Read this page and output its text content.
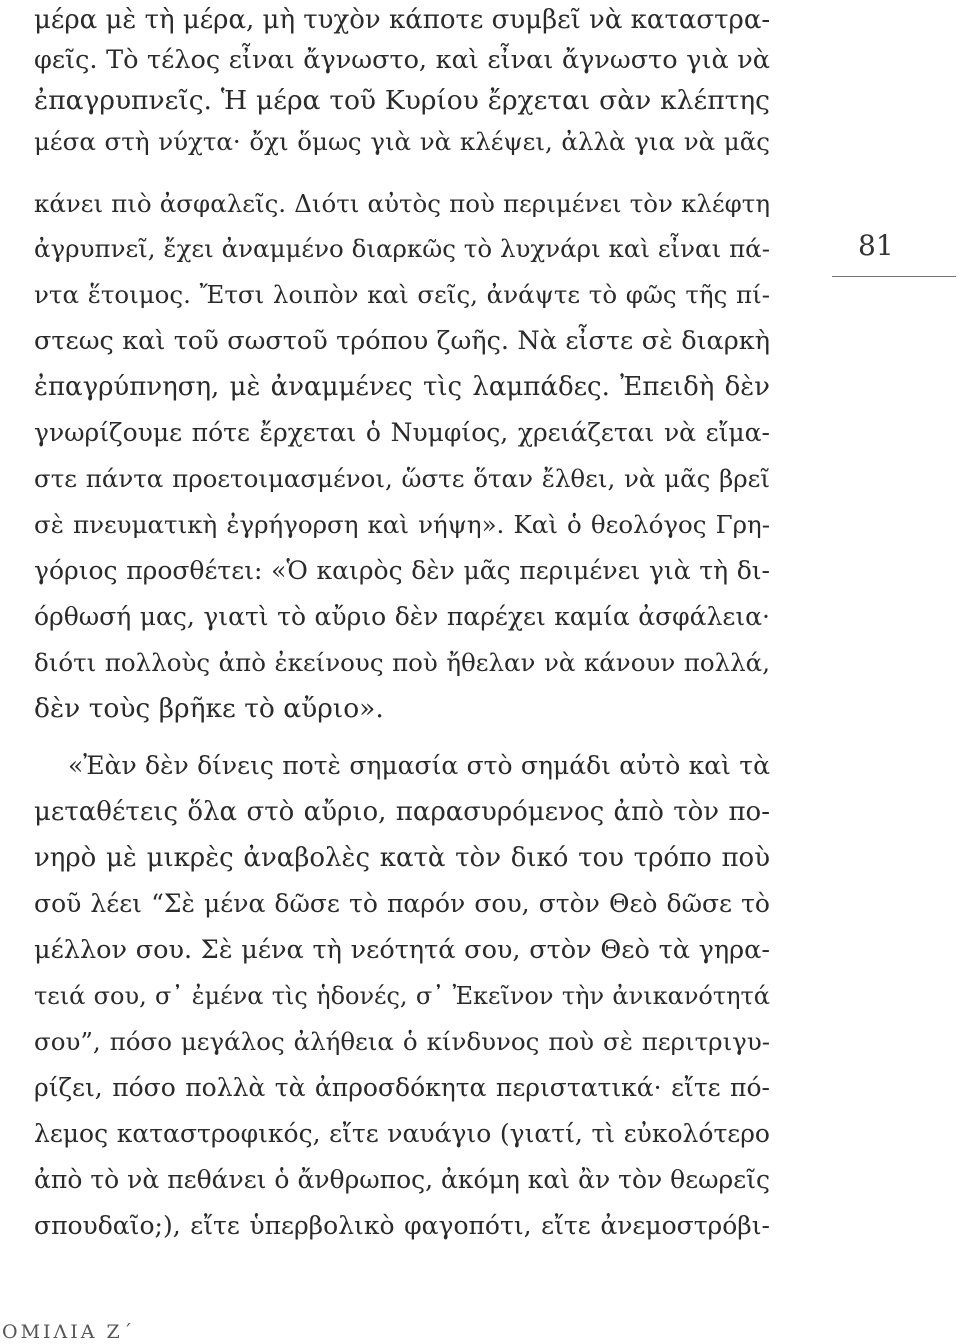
μέρα μὲ τὴ μέρα, μὴ τυχὸν κάποτε συμβεῖ νὰ καταστρα-
φεῖς. Τὸ τέλος εἶναι ἄγνωστο, καὶ εἶναι ἄγνωστο γιὰ νὰ
ἐπαγρυπνεῖς. Ἡ μέρα τοῦ Κυρίου ἔρχεται σὰν κλέπτης
μέσα στὴ νύχτα· ὄχι ὅμως γιὰ νὰ κλέψει, ἀλλὰ για νὰ μᾶς
κάνει πιὸ ἀσφαλεῖς. Διότι αὐτὸς ποὺ περιμένει τὸν κλέφτη
ἀγρυπνεῖ, ἔχει ἀναμμένο διαρκῶς τὸ λυχνάρι καὶ εἶναι πά-
ντα ἕτοιμος. Ἔτσι λοιπὸν καὶ σεῖς, ἀνάψτε τὸ φῶς τῆς πί-
στεως καὶ τοῦ σωστοῦ τρόπου ζωῆς. Νὰ εἶστε σὲ διαρκὴ
ἐπαγρύπνηση, μὲ ἀναμμένες τὶς λαμπάδες. Ἐπειδὴ δὲν
γνωρίζουμε πότε ἔρχεται ὁ Νυμφίος, χρειάζεται νὰ εἴμα-
στε πάντα προετοιμασμένοι, ὥστε ὅταν ἔλθει, νὰ μᾶς βρεῖ
σὲ πνευματικὴ ἐγρήγορση καὶ νήψη». Καὶ ὁ θεολόγος Γρη-
γόριος προσθέτει: «Ὁ καιρὸς δὲν μᾶς περιμένει γιὰ τὴ δι-
όρθωσή μας, γιατὶ τὸ αὔριο δὲν παρέχει καμία ἀσφάλεια·
διότι πολλοὺς ἀπὸ ἐκείνους ποὺ ἤθελαν νὰ κάνουν πολλά,
δὲν τοὺς βρῆκε τὸ αὔριο».
«Ἐὰν δὲν δίνεις ποτὲ σημασία στὸ σημάδι αὐτὸ καὶ τὰ
μεταθέτεις ὅλα στὸ αὔριο, παρασυρόμενος ἀπὸ τὸν πο-
νηρὸ μὲ μικρὲς ἀναβολὲς κατὰ τὸν δικό του τρόπο ποὺ
σοῦ λέει “Σὲ μένα δῶσε τὸ παρόν σου, στὸν Θεὸ δῶσε τὸ
μέλλον σου. Σὲ μένα τὴ νεότητά σου, στὸν Θεὸ τὰ γηρα-
τειά σου, σ᾽ ἐμένα τὶς ἡδονές, σ᾽ Ἐκεῖνον τὴν ἀνικανότητά
σου”, πόσο μεγάλος ἀλήθεια ὁ κίνδυνος ποὺ σὲ περιτριγυ-
ρίζει, πόσο πολλὰ τὰ ἀπροσδόκητα περιστατικά· εἴτε πό-
λεμος καταστροφικός, εἴτε ναυάγιο (γιατί, τὶ εὐκολότερο
ἀπὸ τὸ νὰ πεθάνει ὁ ἄνθρωπος, ἀκόμη καὶ ἂν τὸν θεωρεῖς
σπουδαῖο;), εἴτε ὑπερβολικὸ φαγοπότι, εἴτε ἀνεμοστρόβι-
81
ΟΜΙΛΙΑ Ζ΄
